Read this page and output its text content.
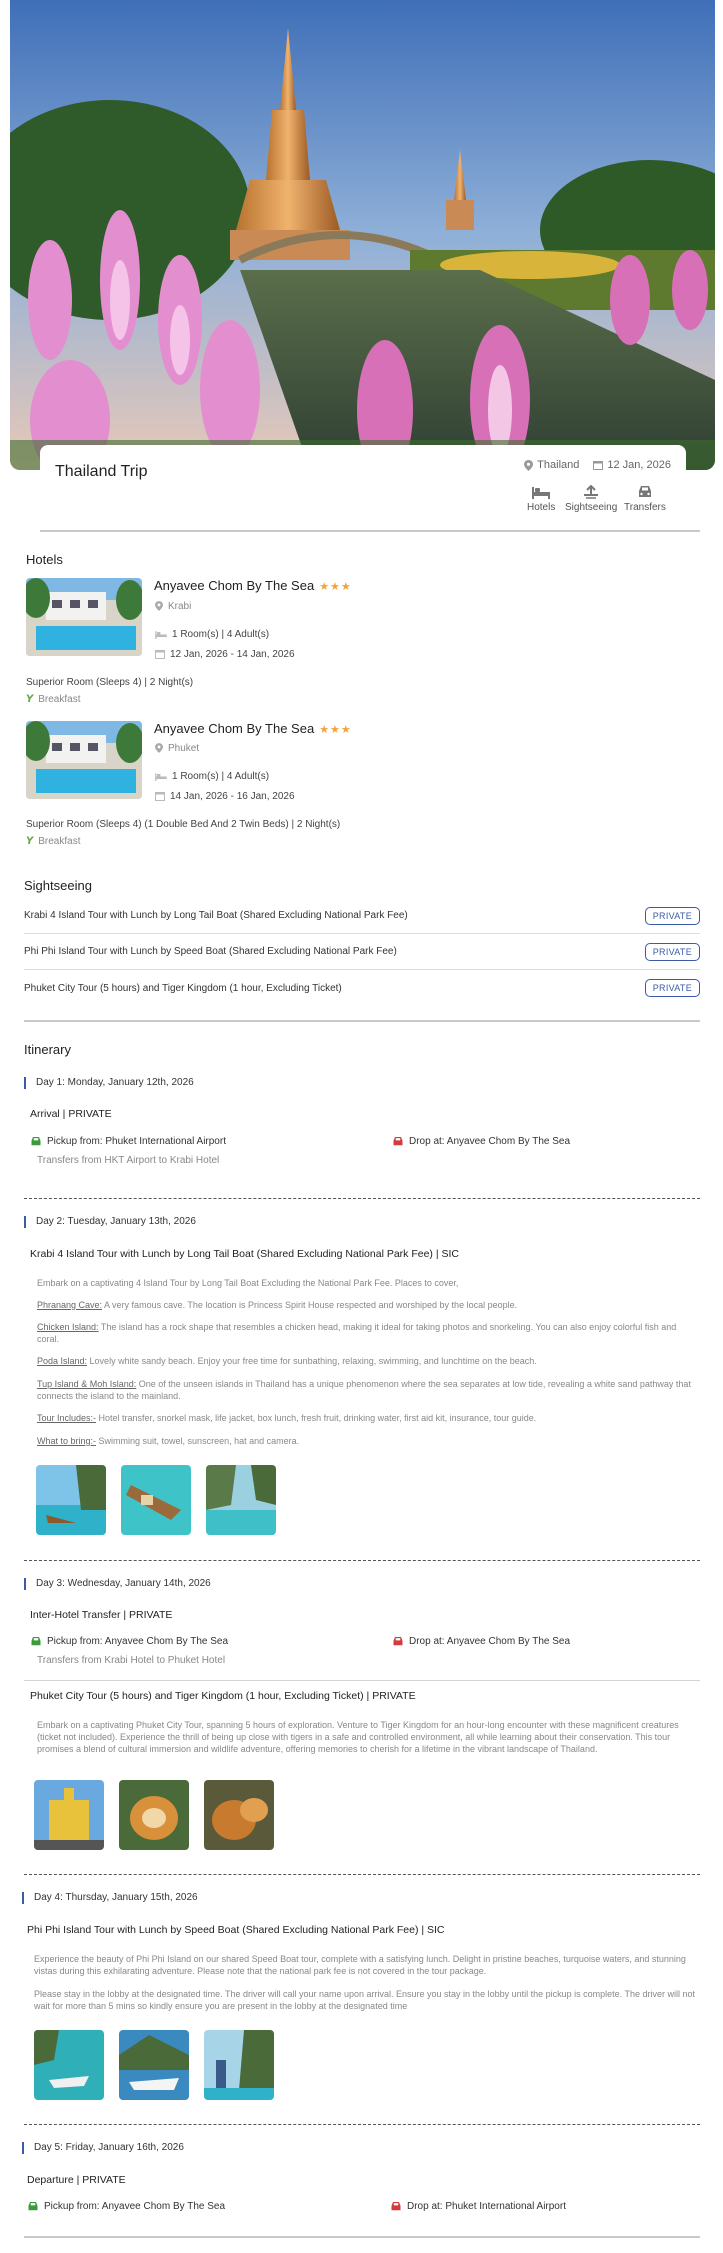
Thailand Trip	Thailand	12 Jan, 2026
Hotels Sightseeing Transfers
Hotels
Anyavee Chom By The Sea ★★★
Krabi
1 Room(s) | 4 Adult(s)
12 Jan, 2026 - 14 Jan, 2026
Superior Room (Sleeps 4) | 2 Night(s)
𝙔 Breakfast
Anyavee Chom By The Sea ★★★
Phuket
1 Room(s) | 4 Adult(s)
14 Jan, 2026 - 16 Jan, 2026
Superior Room (Sleeps 4) (1 Double Bed And 2 Twin Beds) | 2 Night(s)
𝙔 Breakfast
Sightseeing
Krabi 4 Island Tour with Lunch by Long Tail Boat (Shared Excluding National Park Fee)	PRIVATE
Phi Phi Island Tour with Lunch by Speed Boat (Shared Excluding National Park Fee)	PRIVATE
Phuket City Tour (5 hours) and Tiger Kingdom (1 hour, Excluding Ticket)	PRIVATE
Itinerary
Day 1: Monday, January 12th, 2026
Arrival | PRIVATE
Pickup from: Phuket International Airport	Drop at: Anyavee Chom By The Sea
Transfers from HKT Airport to Krabi Hotel
Day 2: Tuesday, January 13th, 2026
Krabi 4 Island Tour with Lunch by Long Tail Boat (Shared Excluding National Park Fee) | SIC
Embark on a captivating 4 Island Tour by Long Tail Boat Excluding the National Park Fee. Places to cover,
Phranang Cave: A very famous cave. The location is Princess Spirit House respected and worshiped by the local people.
Chicken Island: The island has a rock shape that resembles a chicken head, making it ideal for taking photos and snorkeling. You can also enjoy colorful fish and coral.
Poda Island: Lovely white sandy beach. Enjoy your free time for sunbathing, relaxing, swimming, and lunchtime on the beach.
Tup Island & Moh Island: One of the unseen islands in Thailand has a unique phenomenon where the sea separates at low tide, revealing a white sand pathway that connects the island to the mainland.
Tour Includes:- Hotel transfer, snorkel mask, life jacket, box lunch, fresh fruit, drinking water, first aid kit, insurance, tour guide.
What to bring:- Swimming suit, towel, sunscreen, hat and camera.
Day 3: Wednesday, January 14th, 2026
Inter-Hotel Transfer | PRIVATE
Pickup from: Anyavee Chom By The Sea	Drop at: Anyavee Chom By The Sea
Transfers from Krabi Hotel to Phuket Hotel
Phuket City Tour (5 hours) and Tiger Kingdom (1 hour, Excluding Ticket) | PRIVATE
Embark on a captivating Phuket City Tour, spanning 5 hours of exploration. Venture to Tiger Kingdom for an hour-long encounter with these magnificent creatures (ticket not included). Experience the thrill of being up close with tigers in a safe and controlled environment, all while learning about their conservation. This tour promises a blend of cultural immersion and wildlife adventure, offering memories to cherish for a lifetime in the vibrant landscape of Thailand.
Day 4: Thursday, January 15th, 2026
Phi Phi Island Tour with Lunch by Speed Boat (Shared Excluding National Park Fee) | SIC
Experience the beauty of Phi Phi Island on our shared Speed Boat tour, complete with a satisfying lunch. Delight in pristine beaches, turquoise waters, and stunning vistas during this exhilarating adventure. Please note that the national park fee is not covered in the tour package.
Please stay in the lobby at the designated time. The driver will call your name upon arrival. Ensure you stay in the lobby until the pickup is complete. The driver will not wait for more than 5 mins so kindly ensure you are present in the lobby at the designated time
Day 5: Friday, January 16th, 2026
Departure | PRIVATE
Pickup from: Anyavee Chom By The Sea	Drop at: Phuket International Airport
